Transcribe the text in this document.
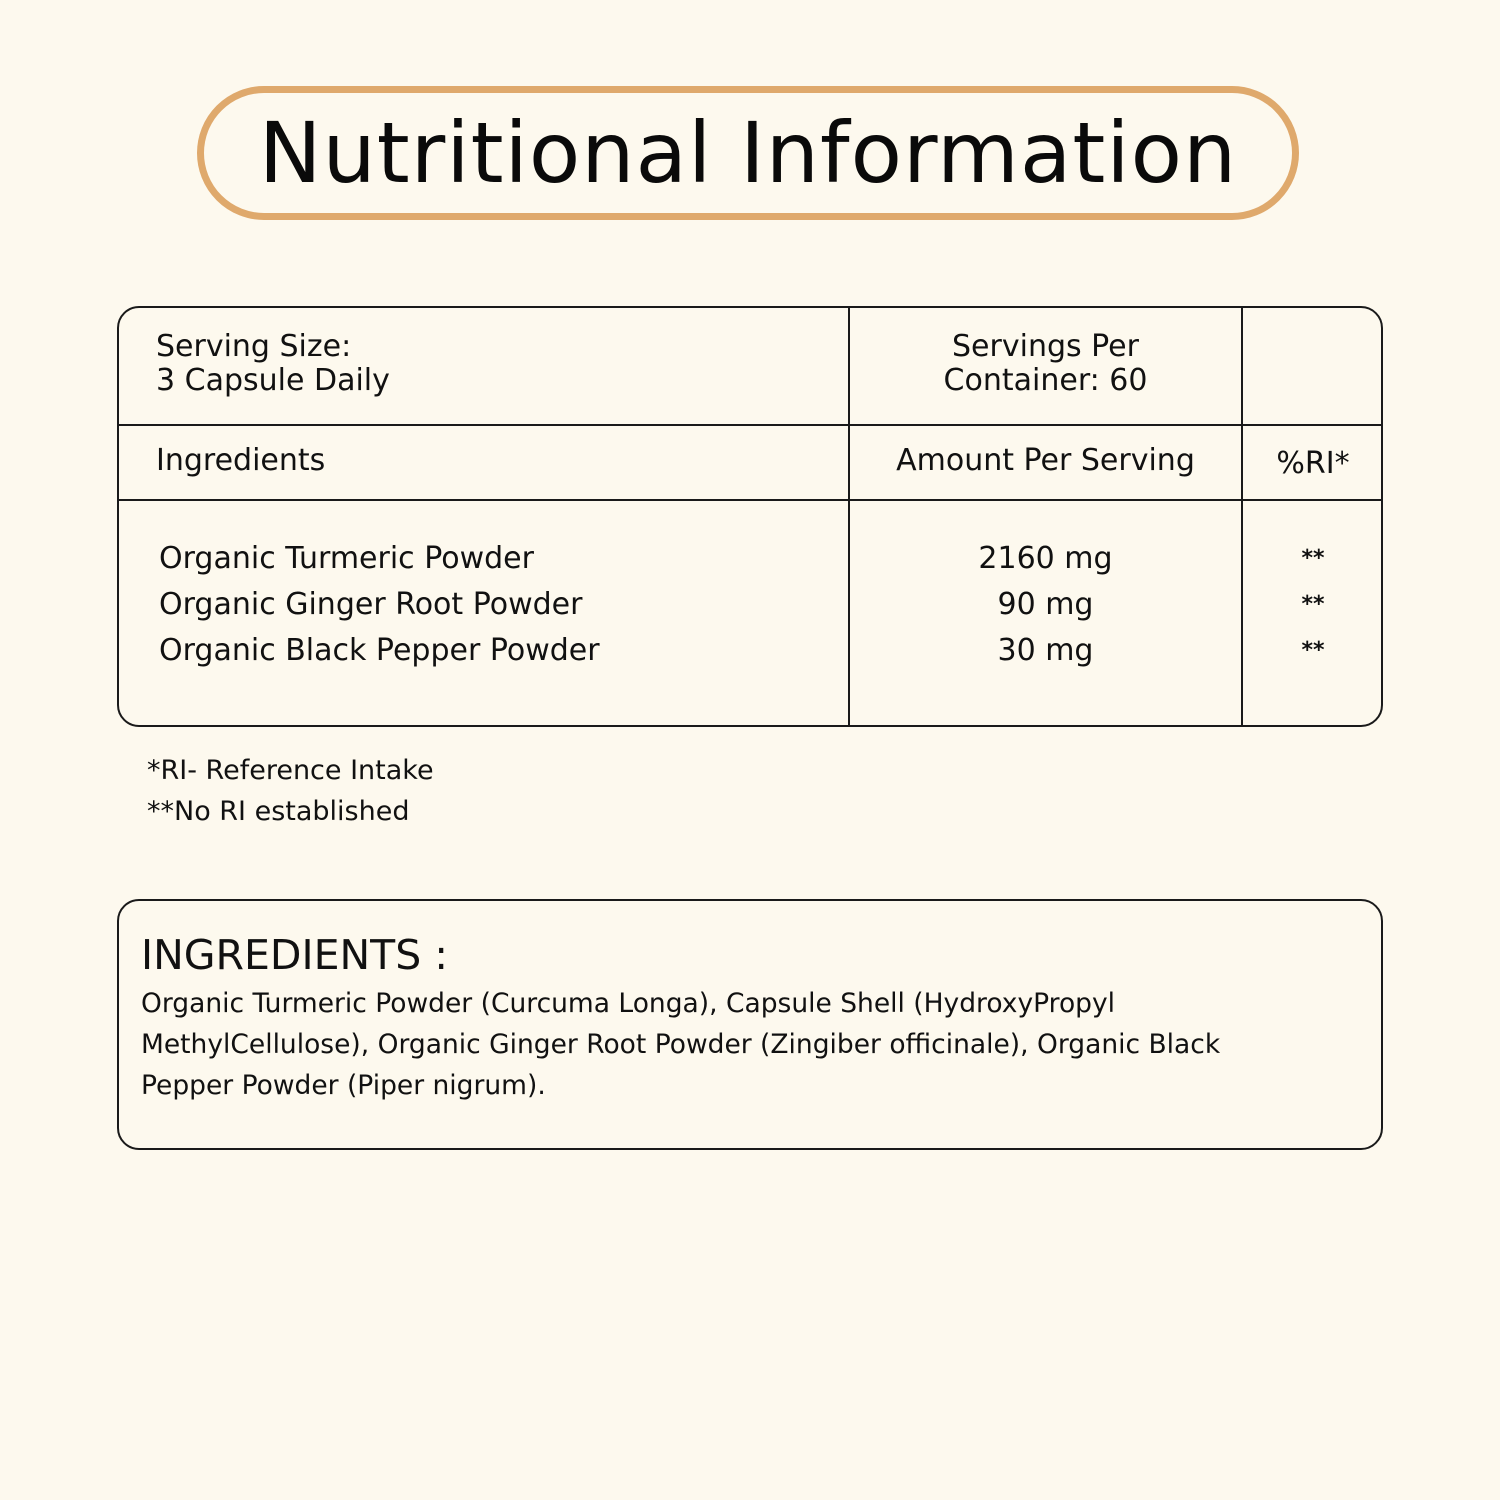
Nutritional Information
Serving Size:
3 Capsule Daily
Servings Per
Container: 60
Ingredients	Amount Per Serving	%RI*
Organic Turmeric Powder
Organic Ginger Root Powder
Organic Black Pepper Powder
2160 mg
90 mg
30 mg
**
**
**
*RI- Reference Intake
**No RI established
INGREDIENTS :
Organic Turmeric Powder (Curcuma Longa), Capsule Shell (HydroxyPropyl
MethylCellulose), Organic Ginger Root Powder (Zingiber officinale), Organic Black
Pepper Powder (Piper nigrum).
